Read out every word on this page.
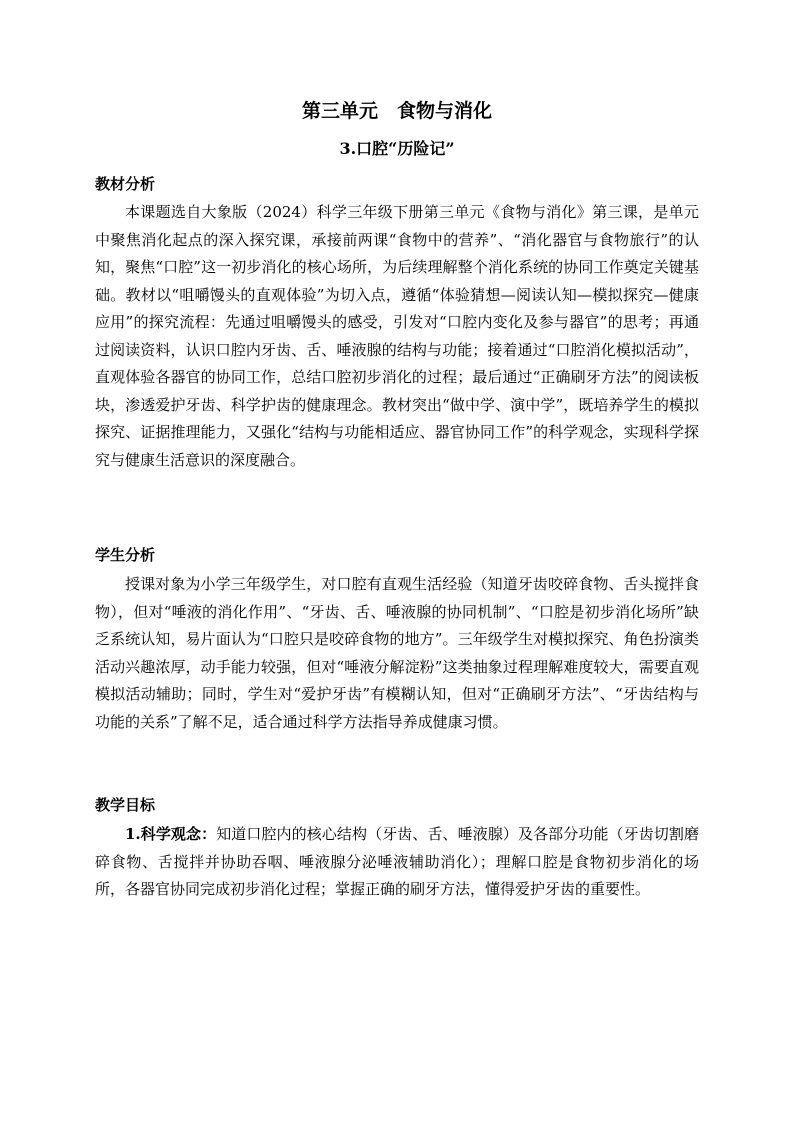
第三单元　食物与消化
3.口腔“历险记”
教材分析

本课题选自大象版（2024）科学三年级下册第三单元《食物与消化》第三课，是单元中聚焦消化起点的深入探究课，承接前两课“食物中的营养”、“消化器官与食物旅行”的认知，聚焦“口腔”这一初步消化的核心场所，为后续理解整个消化系统的协同工作奠定关键基础。教材以“咀嚼馒头的直观体验”为切入点，遵循“体验猜想—阅读认知—模拟探究—健康应用”的探究流程：先通过咀嚼馒头的感受，引发对“口腔内变化及参与器官”的思考；再通过阅读资料，认识口腔内牙齿、舌、唾液腺的结构与功能；接着通过“口腔消化模拟活动”，直观体验各器官的协同工作，总结口腔初步消化的过程；最后通过“正确刷牙方法”的阅读板块，渗透爱护牙齿、科学护齿的健康理念。教材突出“做中学、演中学”，既培养学生的模拟探究、证据推理能力，又强化“结构与功能相适应、器官协同工作”的科学观念，实现科学探究与健康生活意识的深度融合。

学生分析

授课对象为小学三年级学生，对口腔有直观生活经验（知道牙齿咬碎食物、舌头搅拌食物），但对“唾液的消化作用”、“牙齿、舌、唾液腺的协同机制”、“口腔是初步消化场所”缺乏系统认知，易片面认为“口腔只是咬碎食物的地方”。三年级学生对模拟探究、角色扮演类活动兴趣浓厚，动手能力较强，但对“唾液分解淀粉”这类抽象过程理解难度较大，需要直观模拟活动辅助；同时，学生对“爱护牙齿”有模糊认知，但对“正确刷牙方法”、“牙齿结构与功能的关系”了解不足，适合通过科学方法指导养成健康习惯。

教学目标

1.科学观念：知道口腔内的核心结构（牙齿、舌、唾液腺）及各部分功能（牙齿切割磨碎食物、舌搅拌并协助吞咽、唾液腺分泌唾液辅助消化）；理解口腔是食物初步消化的场所，各器官协同完成初步消化过程；掌握正确的刷牙方法，懂得爱护牙齿的重要性。
